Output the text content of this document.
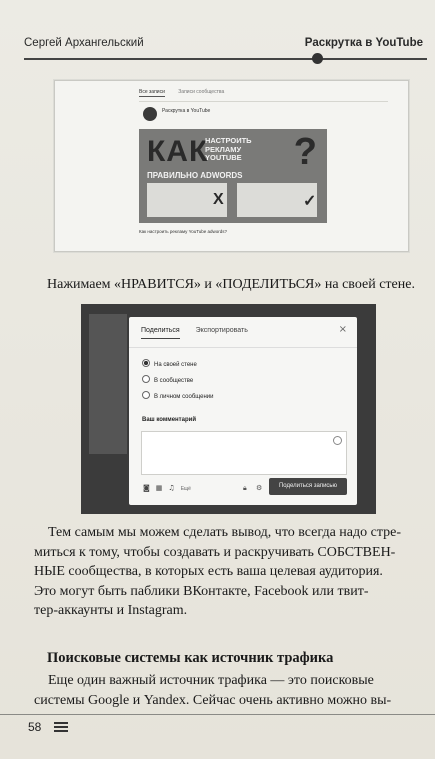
Сергей Архангельский	Раскрутка в YouTube
Все записи	Записи сообщества
Раскрутка в YouTube
КАК
НАСТРОИТЬ РЕКЛАМУ YOUTUBE
ПРАВИЛЬНО ADWORDS
?
X	✓
Как настроить рекламу YouTube adwords?
Нажимаем «НРАВИТСЯ» и «ПОДЕЛИТЬСЯ» на своей стене.
Поделиться Экспортировать	×
На своей стене
В сообществе
В личном сообщении
Ваш комментарий
◙ ▦ ♫ Ещё	🔒︎ ⚙	Поделиться записью
Тем самым мы можем сделать вывод, что всегда надо стре-
миться к тому, чтобы создавать и раскручивать СОБСТВЕН-
НЫЕ сообщества, в которых есть ваша целевая аудитория.
Это могут быть паблики ВКонтакте, Facebook или твит-
тер-аккаунты и Instagram.
Поисковые системы как источник трафика
Еще один важный источник трафика — это поисковые
системы Google и Yandex. Сейчас очень активно можно вы-
58
